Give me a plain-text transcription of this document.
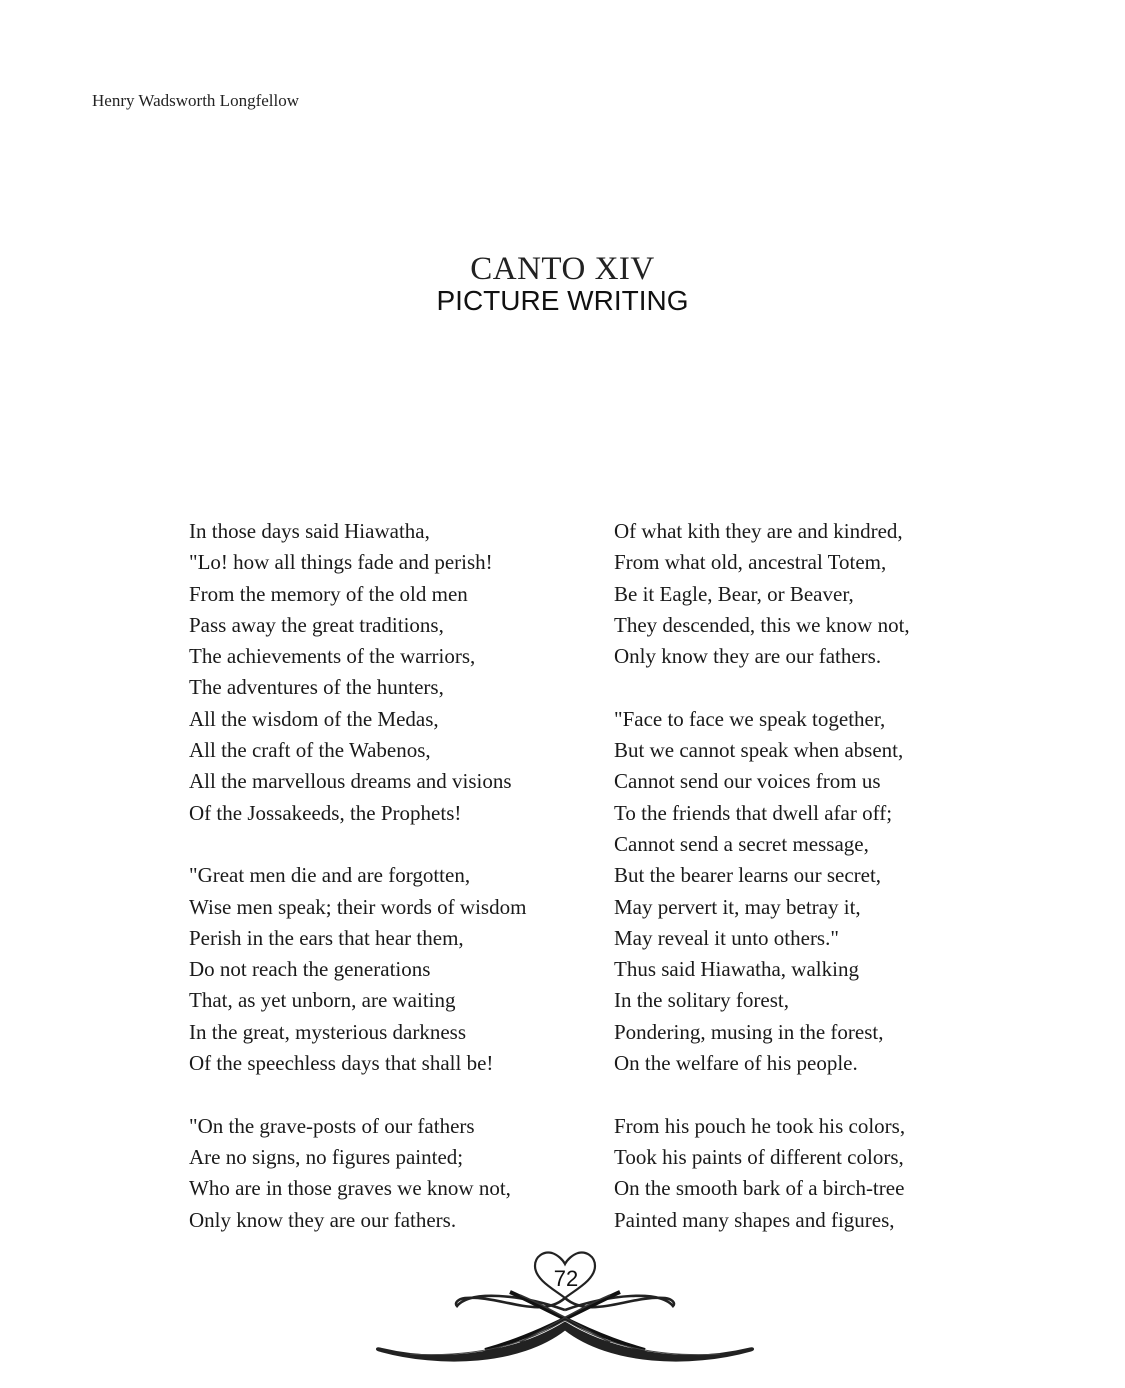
Henry Wadsworth Longfellow
CANTO XIV
PICTURE WRITING
In those days said Hiawatha,
"Lo! how all things fade and perish!
From the memory of the old men
Pass away the great traditions,
The achievements of the warriors,
The adventures of the hunters,
All the wisdom of the Medas,
All the craft of the Wabenos,
All the marvellous dreams and visions
Of the Jossakeeds, the Prophets!
"Great men die and are forgotten,
Wise men speak; their words of wisdom
Perish in the ears that hear them,
Do not reach the generations
That, as yet unborn, are waiting
In the great, mysterious darkness
Of the speechless days that shall be!
"On the grave-posts of our fathers
Are no signs, no figures painted;
Who are in those graves we know not,
Only know they are our fathers.
Of what kith they are and kindred,
From what old, ancestral Totem,
Be it Eagle, Bear, or Beaver,
They descended, this we know not,
Only know they are our fathers.
"Face to face we speak together,
But we cannot speak when absent,
Cannot send our voices from us
To the friends that dwell afar off;
Cannot send a secret message,
But the bearer learns our secret,
May pervert it, may betray it,
May reveal it unto others."
Thus said Hiawatha, walking
In the solitary forest,
Pondering, musing in the forest,
On the welfare of his people.
From his pouch he took his colors,
Took his paints of different colors,
On the smooth bark of a birch-tree
Painted many shapes and figures,
72
